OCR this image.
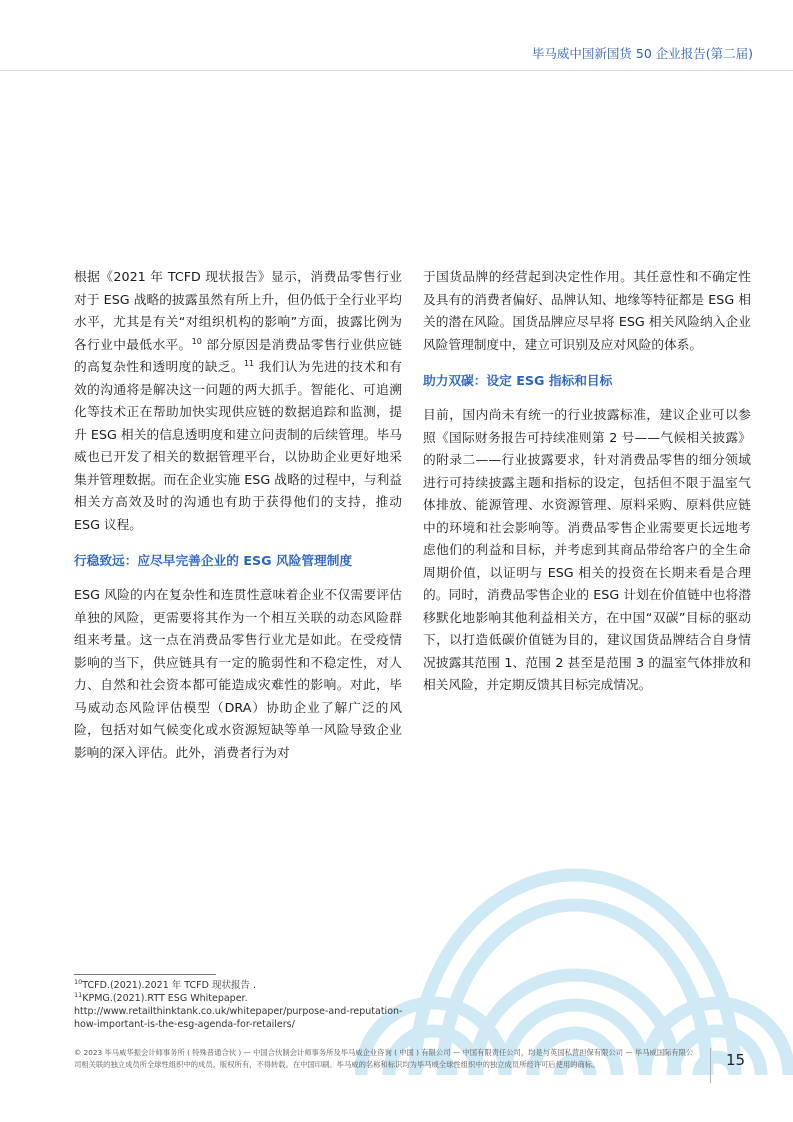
毕马威中国新国货 50 企业报告(第二届)

根据《2021 年 TCFD 现状报告》显示，消费品零售行业对于 ESG 战略的披露虽然有所上升，但仍低于全行业平均水平，尤其是有关“对组织机构的影响”方面，披露比例为各行业中最低水平。$^{10}$ 部分原因是消费品零售行业供应链的高复杂性和透明度的缺乏。$^{11}$ 我们认为先进的技术和有效的沟通将是解决这一问题的两大抓手。智能化、可追溯化等技术正在帮助加快实现供应链的数据追踪和监测，提升 ESG 相关的信息透明度和建立问责制的后续管理。毕马威也已开发了相关的数据管理平台，以协助企业更好地采集并管理数据。而在企业实施 ESG 战略的过程中，与利益相关方高效及时的沟通也有助于获得他们的支持，推动 ESG 议程。

行稳致远：应尽早完善企业的 ESG 风险管理制度

ESG 风险的内在复杂性和连贯性意味着企业不仅需要评估单独的风险，更需要将其作为一个相互关联的动态风险群组来考量。这一点在消费品零售行业尤是如此。在受疫情影响的当下，供应链具有一定的脆弱性和不稳定性，对人力、自然和社会资本都可能造成灾难性的影响。对此，毕马威动态风险评估模型（DRA）协助企业了解广泛的风险，包括对如气候变化或水资源短缺等单一风险导致企业影响的深入评估。此外，消费者行为对

于国货品牌的经营起到决定性作用。其任意性和不确定性及具有的消费者偏好、品牌认知、地缘等特征都是 ESG 相关的潜在风险。国货品牌应尽早将 ESG 相关风险纳入企业风险管理制度中，建立可识别及应对风险的体系。

助力双碳：设定 ESG 指标和目标

目前，国内尚未有统一的行业披露标准，建议企业可以参照《国际财务报告可持续准则第 2 号——气候相关披露》的附录二——行业披露要求，针对消费品零售的细分领域进行可持续披露主题和指标的设定，包括但不限于温室气体排放、能源管理、水资源管理、原料采购、原料供应链中的环境和社会影响等。消费品零售企业需要更长远地考虑他们的利益和目标，并考虑到其商品带给客户的全生命周期价值，以证明与 ESG 相关的投资在长期来看是合理的。同时，消费品零售企业的 ESG 计划在价值链中也将潜移默化地影响其他利益相关方，在中国“双碳”目标的驱动下，以打造低碳价值链为目的，建议国货品牌结合自身情况披露其范围 1、范围 2 甚至是范围 3 的温室气体排放和相关风险，并定期反馈其目标完成情况。

$^{10}$TCFD.(2021).2021 年 TCFD 现状报告 .
$^{11}$KPMG.(2021).RTT ESG Whitepaper. http://www.retailthinktank.co.uk/whitepaper/purpose-and-reputation-how-important-is-the-esg-agenda-for-retailers/
© 2023 毕马威华振会计师事务所 ( 特殊普通合伙 ) — 中国合伙制会计师事务所及毕马威企业咨询 ( 中国 ) 有限公司 — 中国有限责任公司，均是与英国私营担保有限公司 — 毕马威国际有限公司相关联的独立成员所全球性组织中的成员。版权所有，不得转载。在中国印刷。毕马威的名称和标识均为毕马威全球性组织中的独立成员所经许可后使用的商标。	15
